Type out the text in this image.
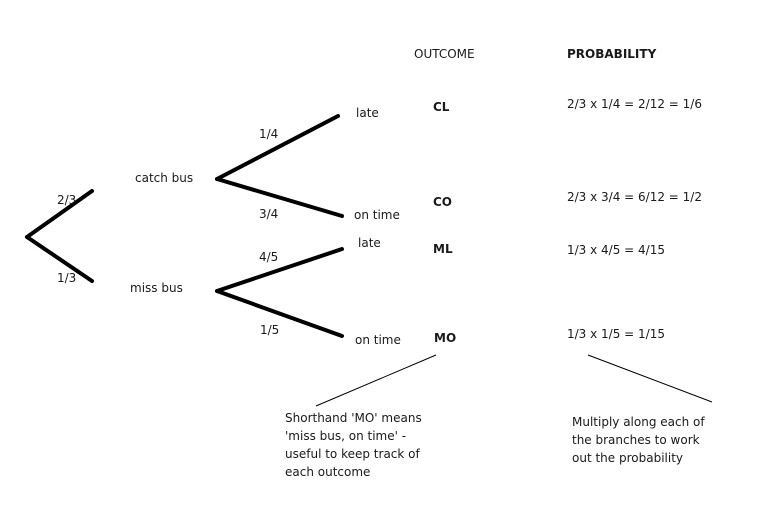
OUTCOME	PROBABILITY
2/3
catch bus
1/3
miss bus
1/4
late
3/4	on time
4/5
late
1/5
on time
CL
CO
ML
MO
2/3 x 1/4 = 2/12 = 1/6
2/3 x 3/4 = 6/12 = 1/2
1/3 x 4/5 = 4/15
1/3 x 1/5 = 1/15
Shorthand 'MO' means
'miss bus, on time' -
useful to keep track of
each outcome
Multiply along each of
the branches to work
out the probability
